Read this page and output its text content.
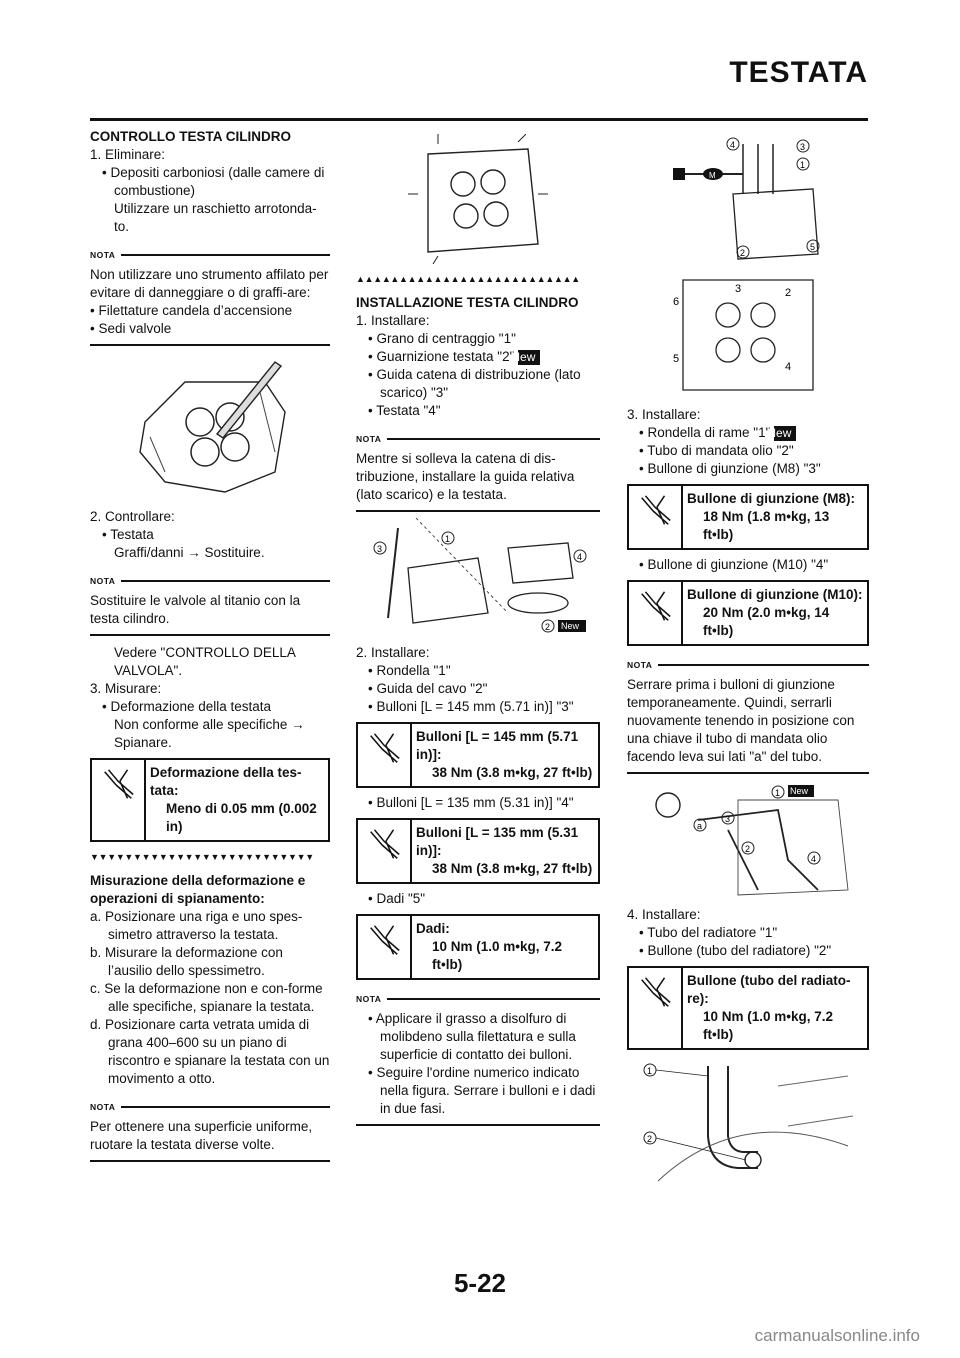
TESTATA
CONTROLLO TESTA CILINDRO
1. Eliminare:
• Depositi carboniosi (dalle camere di combustione)
Utilizzare un raschietto arrotonda-to.
NOTA
Non utilizzare uno strumento affilato per evitare di danneggiare o di graffi-are:
• Filettature candela d’accensione
• Sedi valvole
2. Controllare:
• Testata
Graffi/danni → Sostituire.
NOTA
Sostituire le valvole al titanio con la testa cilindro.
Vedere "CONTROLLO DELLA VALVOLA".
3. Misurare:
• Deformazione della testata
Non conforme alle specifiche → Spianare.
Deformazione della tes-tata:
Meno di 0.05 mm (0.002 in)
▼▼▼▼▼▼▼▼▼▼▼▼▼▼▼▼▼▼▼▼▼▼▼▼▼▼
Misurazione della deformazione e operazioni di spianamento:
a. Posizionare una riga e uno spes-simetro attraverso la testata.
b. Misurare la deformazione con l’ausilio dello spessimetro.
c. Se la deformazione non e con-forme alle specifiche, spianare la testata.
d. Posizionare carta vetrata umida di grana 400–600 su un piano di riscontro e spianare la testata con un movimento a otto.
NOTA
Per ottenere una superficie uniforme, ruotare la testata diverse volte.
▲▲▲▲▲▲▲▲▲▲▲▲▲▲▲▲▲▲▲▲▲▲▲▲▲▲
INSTALLAZIONE TESTA CILINDRO
1. Installare:
• Grano di centraggio "1"
• Guarnizione testata "2"New
• Guida catena di distribuzione (lato scarico) "3"
• Testata "4"
NOTA
Mentre si solleva la catena di dis-tribuzione, installare la guida relativa (lato scarico) e la testata.
3
1
4
2 New
2. Installare:
• Rondella "1"
• Guida del cavo "2"
• Bulloni [L = 145 mm (5.71 in)] "3"
Bulloni [L = 145 mm (5.71 in)]:
38 Nm (3.8 m•kg, 27 ft•lb)
• Bulloni [L = 135 mm (5.31 in)] "4"
Bulloni [L = 135 mm (5.31 in)]:
38 Nm (3.8 m•kg, 27 ft•lb)
• Dadi "5"
Dadi:
10 Nm (1.0 m•kg, 7.2 ft•lb)
NOTA
• Applicare il grasso a disolfuro di molibdeno sulla filettatura e sulla superficie di contatto dei bulloni.
• Seguire l'ordine numerico indicato nella figura. Serrare i bulloni e i dadi in due fasi.
M
4	3
1
2
5
3	2
6
5
4
3. Installare:
• Rondella di rame "1"New
• Tubo di mandata olio "2"
• Bullone di giunzione (M8) "3"
Bullone di giunzione (M8):
18 Nm (1.8 m•kg, 13 ft•lb)
• Bullone di giunzione (M10) "4"
Bullone di giunzione (M10):
20 Nm (2.0 m•kg, 14 ft•lb)
NOTA
Serrare prima i bulloni di giunzione temporaneamente. Quindi, serrarli nuovamente tenendo in posizione con una chiave il tubo di mandata olio facendo leva sui lati "a" del tubo.
1 New
3
a
2
4
4. Installare:
• Tubo del radiatore "1"
• Bullone (tubo del radiatore) "2"
Bullone (tubo del radiato-re):
10 Nm (1.0 m•kg, 7.2 ft•lb)
1
2
5-22
carmanualsonline.info
